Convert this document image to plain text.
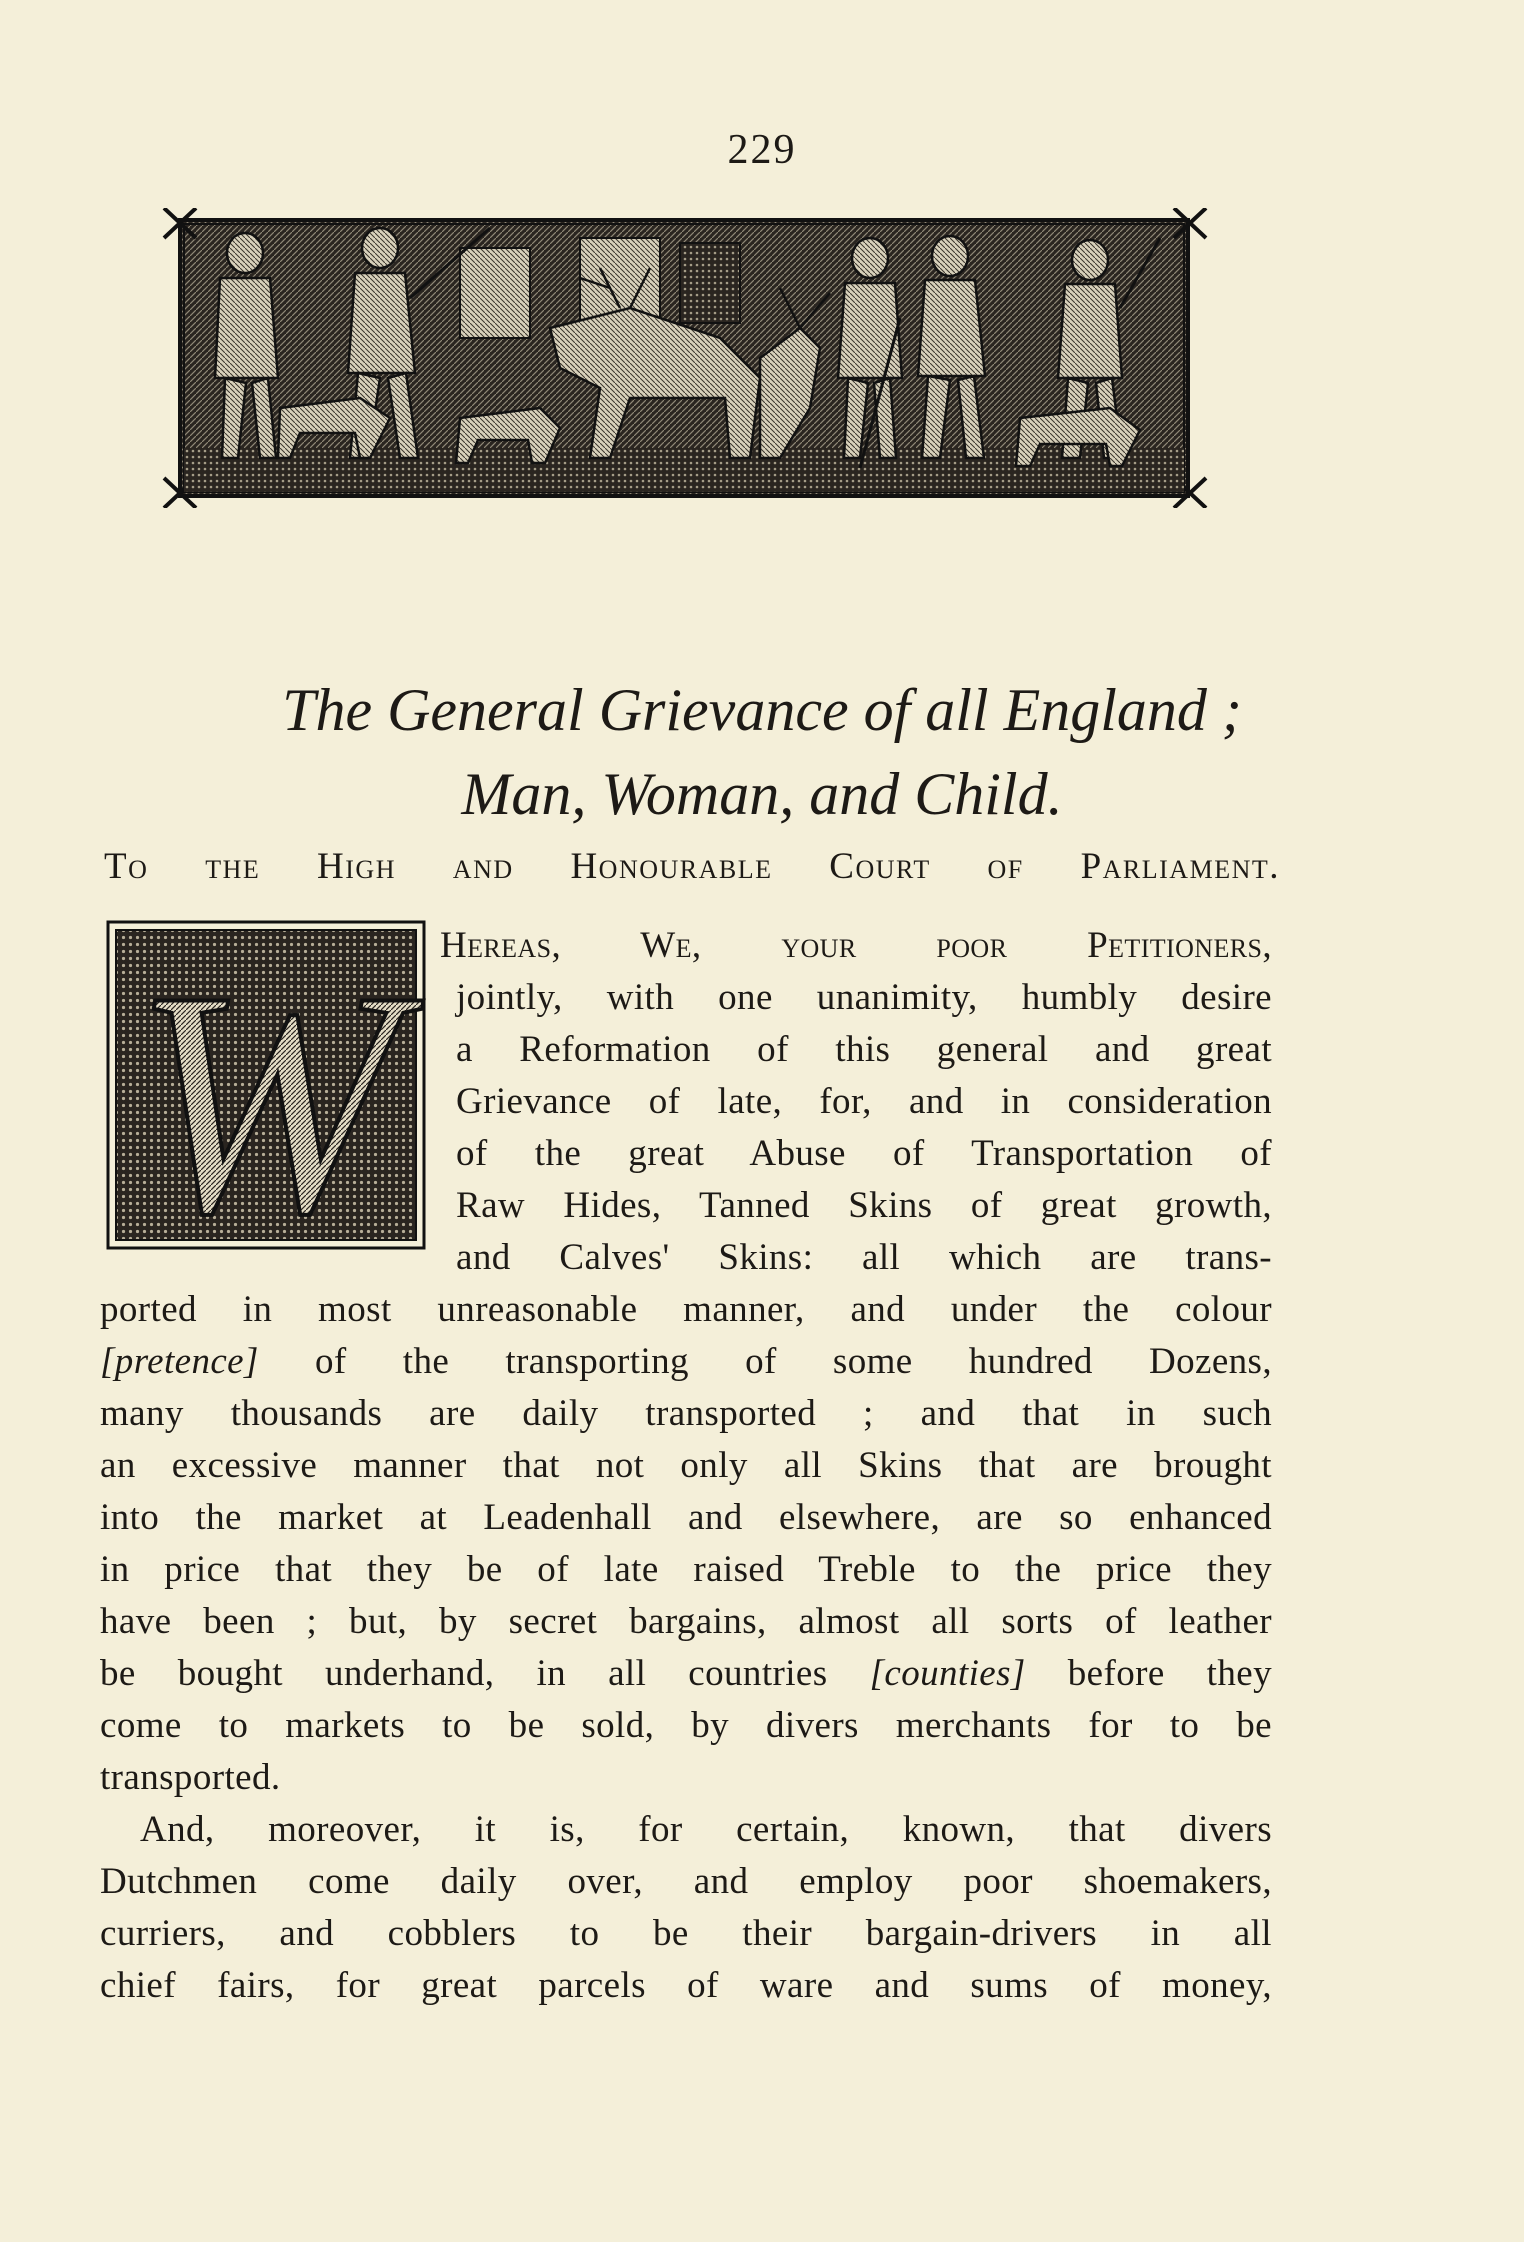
229
The General Grievance of all England ;
Man, Woman, and Child.
To the High and Honourable Court of Parliament.
W	Hereas, We, your poor Petitioners,
jointly, with one unanimity, humbly desire
a Reformation of this general and great
Grievance of late, for, and in consideration
of the great Abuse of Transportation of
Raw Hides, Tanned Skins of great growth,
and Calves' Skins: all which are trans-
ported in most unreasonable manner, and under the colour
[pretence] of the transporting of some hundred Dozens,
many thousands are daily transported ; and that in such
an excessive manner that not only all Skins that are brought
into the market at Leadenhall and elsewhere, are so enhanced
in price that they be of late raised Treble to the price they
have been ; but, by secret bargains, almost all sorts of leather
be bought underhand, in all countries [counties] before they
come to markets to be sold, by divers merchants for to be
transported.
And, moreover, it is, for certain, known, that divers
Dutchmen come daily over, and employ poor shoemakers,
curriers, and cobblers to be their bargain-drivers in all
chief fairs, for great parcels of ware and sums of money,
